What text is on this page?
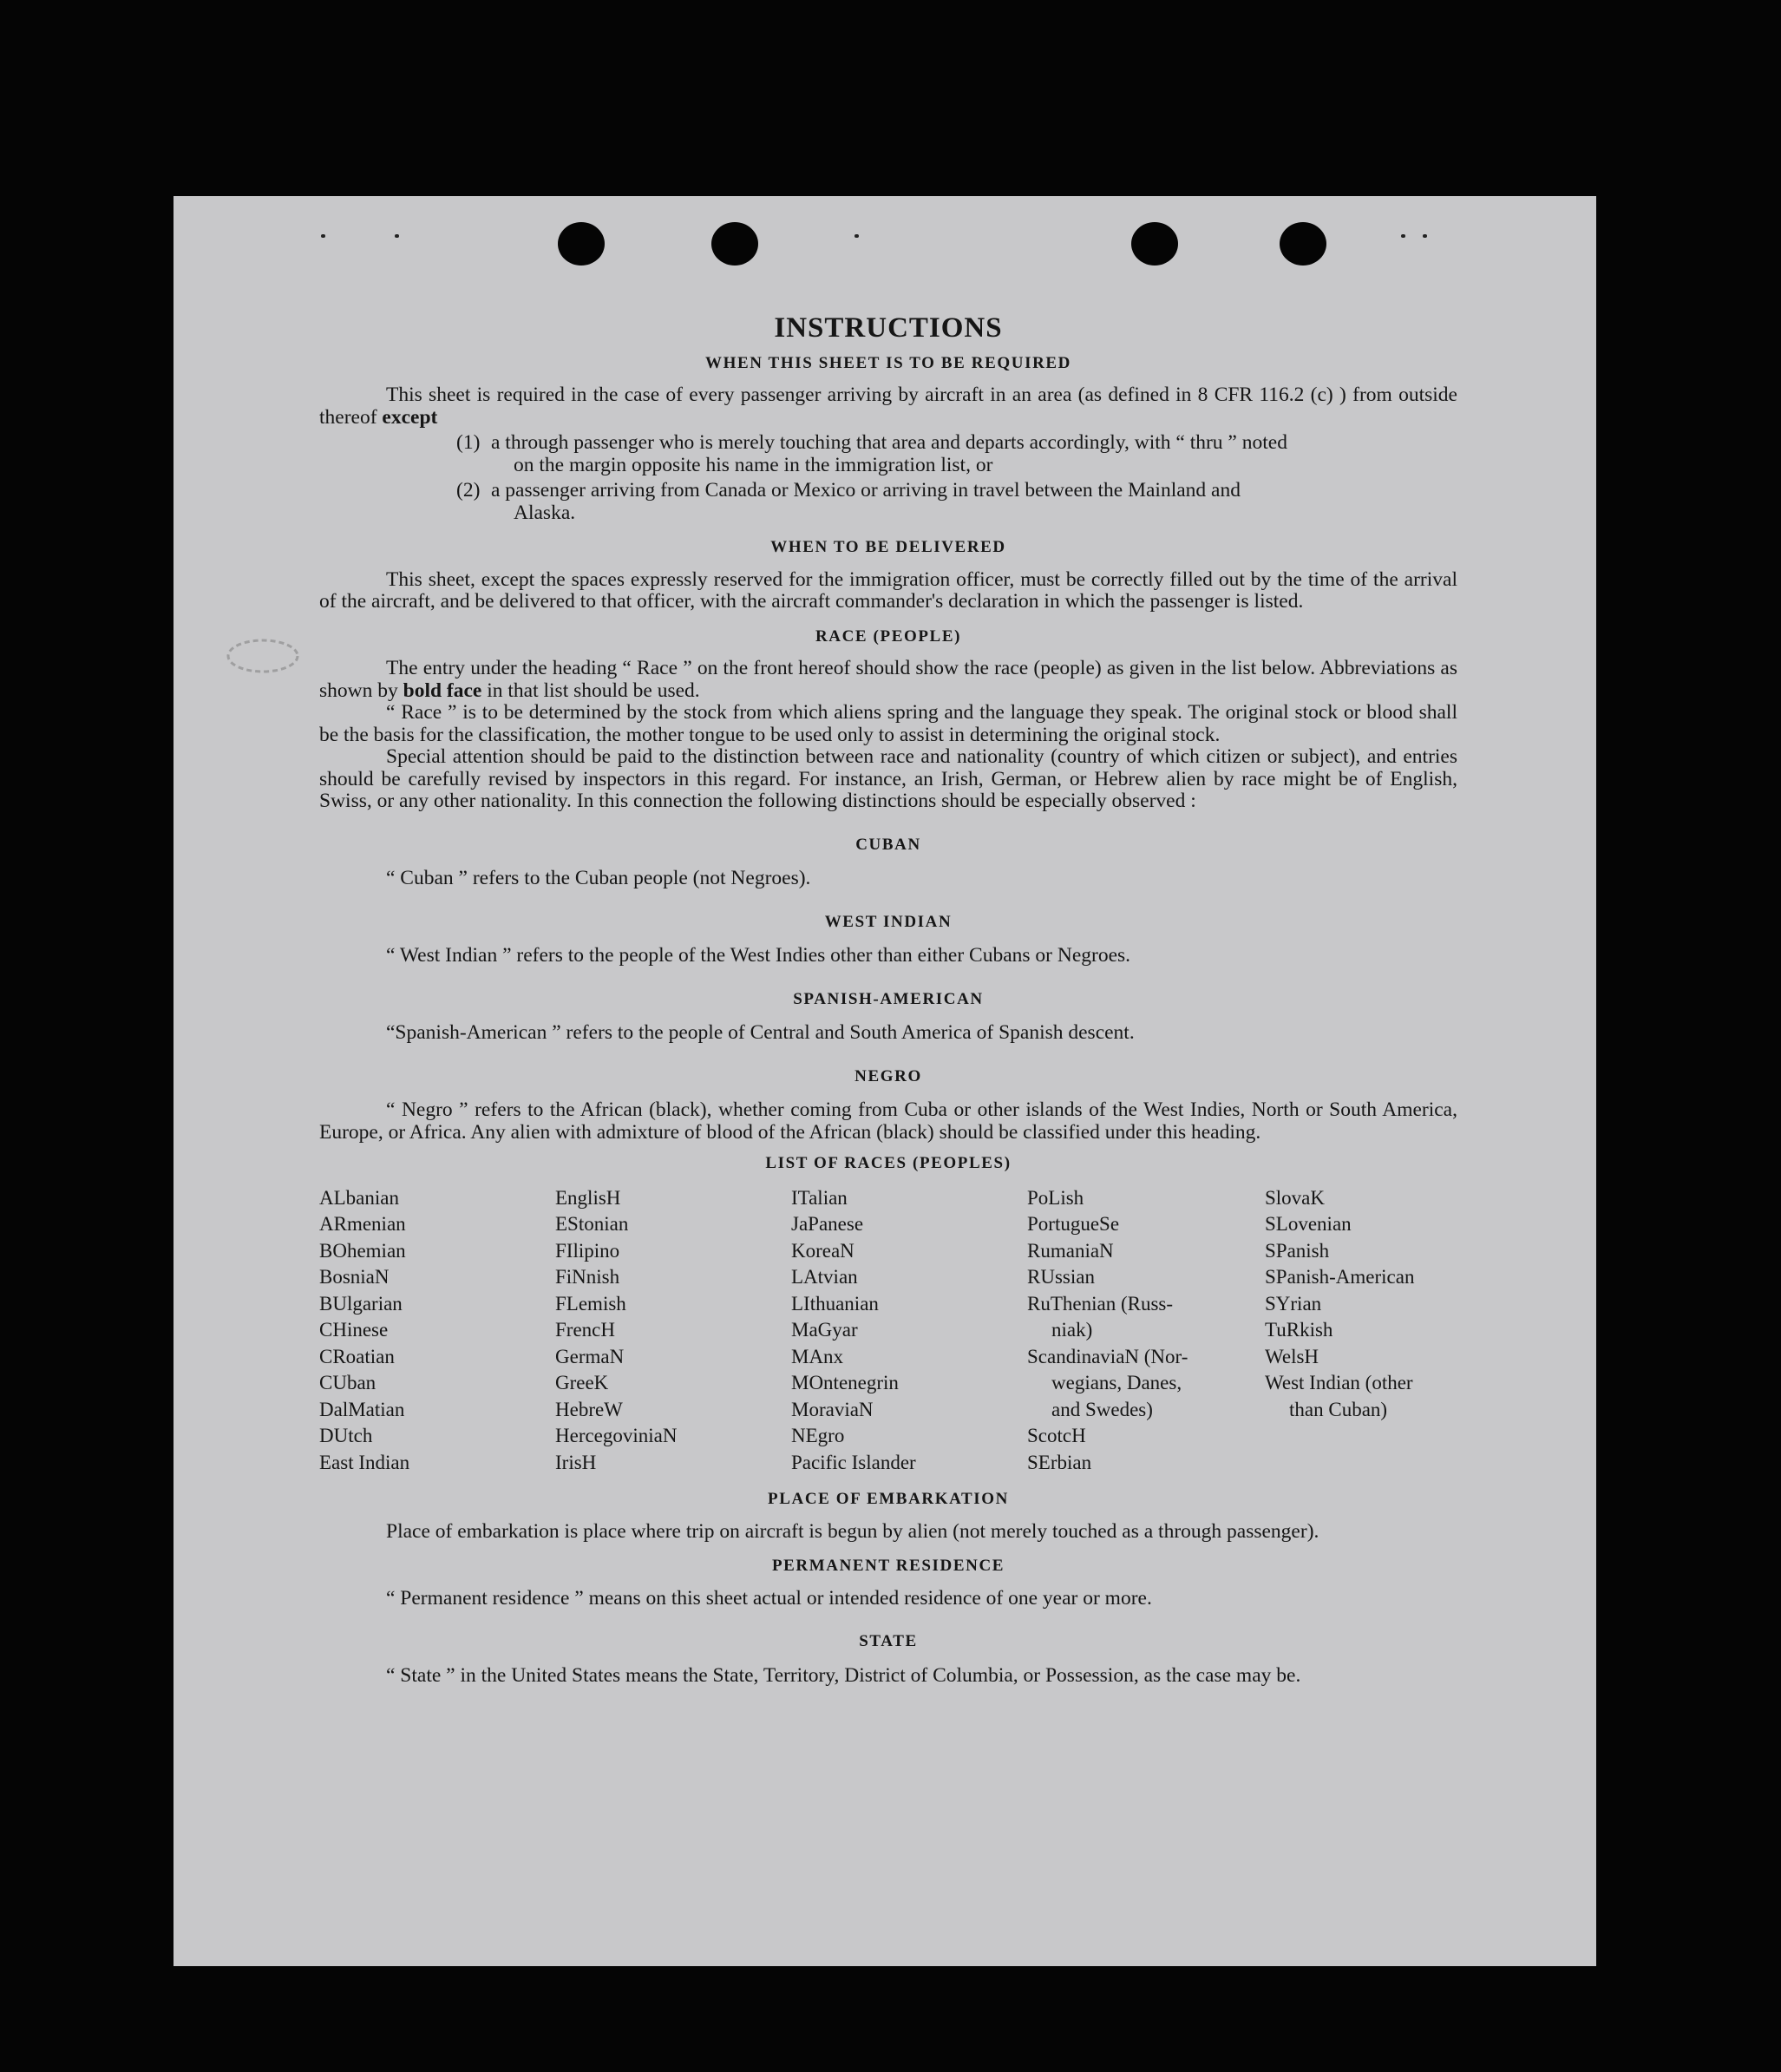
INSTRUCTIONS
WHEN THIS SHEET IS TO BE REQUIRED

This sheet is required in the case of every passenger arriving by aircraft in an area (as defined in 8 CFR 116.2 (c) ) from outside thereof except

(1) a through passenger who is merely touching that area and departs accordingly, with “ thru ” noted
on the margin opposite his name in the immigration list, or
(2) a passenger arriving from Canada or Mexico or arriving in travel between the Mainland and
Alaska.
WHEN TO BE DELIVERED

This sheet, except the spaces expressly reserved for the immigration officer, must be correctly filled out by the time of the arrival of the aircraft, and be delivered to that officer, with the aircraft commander's declaration in which the passenger is listed.

RACE (PEOPLE)

The entry under the heading “ Race ” on the front hereof should show the race (people) as given in the list below. Abbreviations as shown by bold face in that list should be used.

“ Race ” is to be determined by the stock from which aliens spring and the language they speak. The original stock or blood shall be the basis for the classification, the mother tongue to be used only to assist in determining the original stock.

Special attention should be paid to the distinction between race and nationality (country of which citizen or subject), and entries should be carefully revised by inspectors in this regard. For instance, an Irish, German, or Hebrew alien by race might be of English, Swiss, or any other nationality. In this connection the following distinctions should be especially observed :

CUBAN

“ Cuban ” refers to the Cuban people (not Negroes).

WEST INDIAN

“ West Indian ” refers to the people of the West Indies other than either Cubans or Negroes.

SPANISH-AMERICAN

“Spanish-American ” refers to the people of Central and South America of Spanish descent.

NEGRO

“ Negro ” refers to the African (black), whether coming from Cuba or other islands of the West Indies, North or South America, Europe, or Africa. Any alien with admixture of blood of the African (black) should be classified under this heading.

LIST OF RACES (PEOPLES)
ALbanian
ARmenian
BOhemian
BosniaN
BUlgarian
CHinese
CRoatian
CUban
DalMatian
DUtch
East Indian
EnglisH
EStonian
FIlipino
FiNnish
FLemish
FrencH
GermaN
GreeK
HebreW
HercegoviniaN
IrisH
ITalian
JaPanese
KoreaN
LAtvian
LIthuanian
MaGyar
MAnx
MOntenegrin
MoraviaN
NEgro
Pacific Islander
PoLish
PortugueSe
RumaniaN
RUssian
RuThenian (Russ-
niak)
ScandinaviaN (Nor-
wegians, Danes,
and Swedes)
ScotcH
SErbian
SlovaK
SLovenian
SPanish
SPanish-American
SYrian
TuRkish
WelsH
West Indian (other
than Cuban)
PLACE OF EMBARKATION

Place of embarkation is place where trip on aircraft is begun by alien (not merely touched as a through passenger).

PERMANENT RESIDENCE

“ Permanent residence ” means on this sheet actual or intended residence of one year or more.

STATE

“ State ” in the United States means the State, Territory, District of Columbia, or Possession, as the case may be.
